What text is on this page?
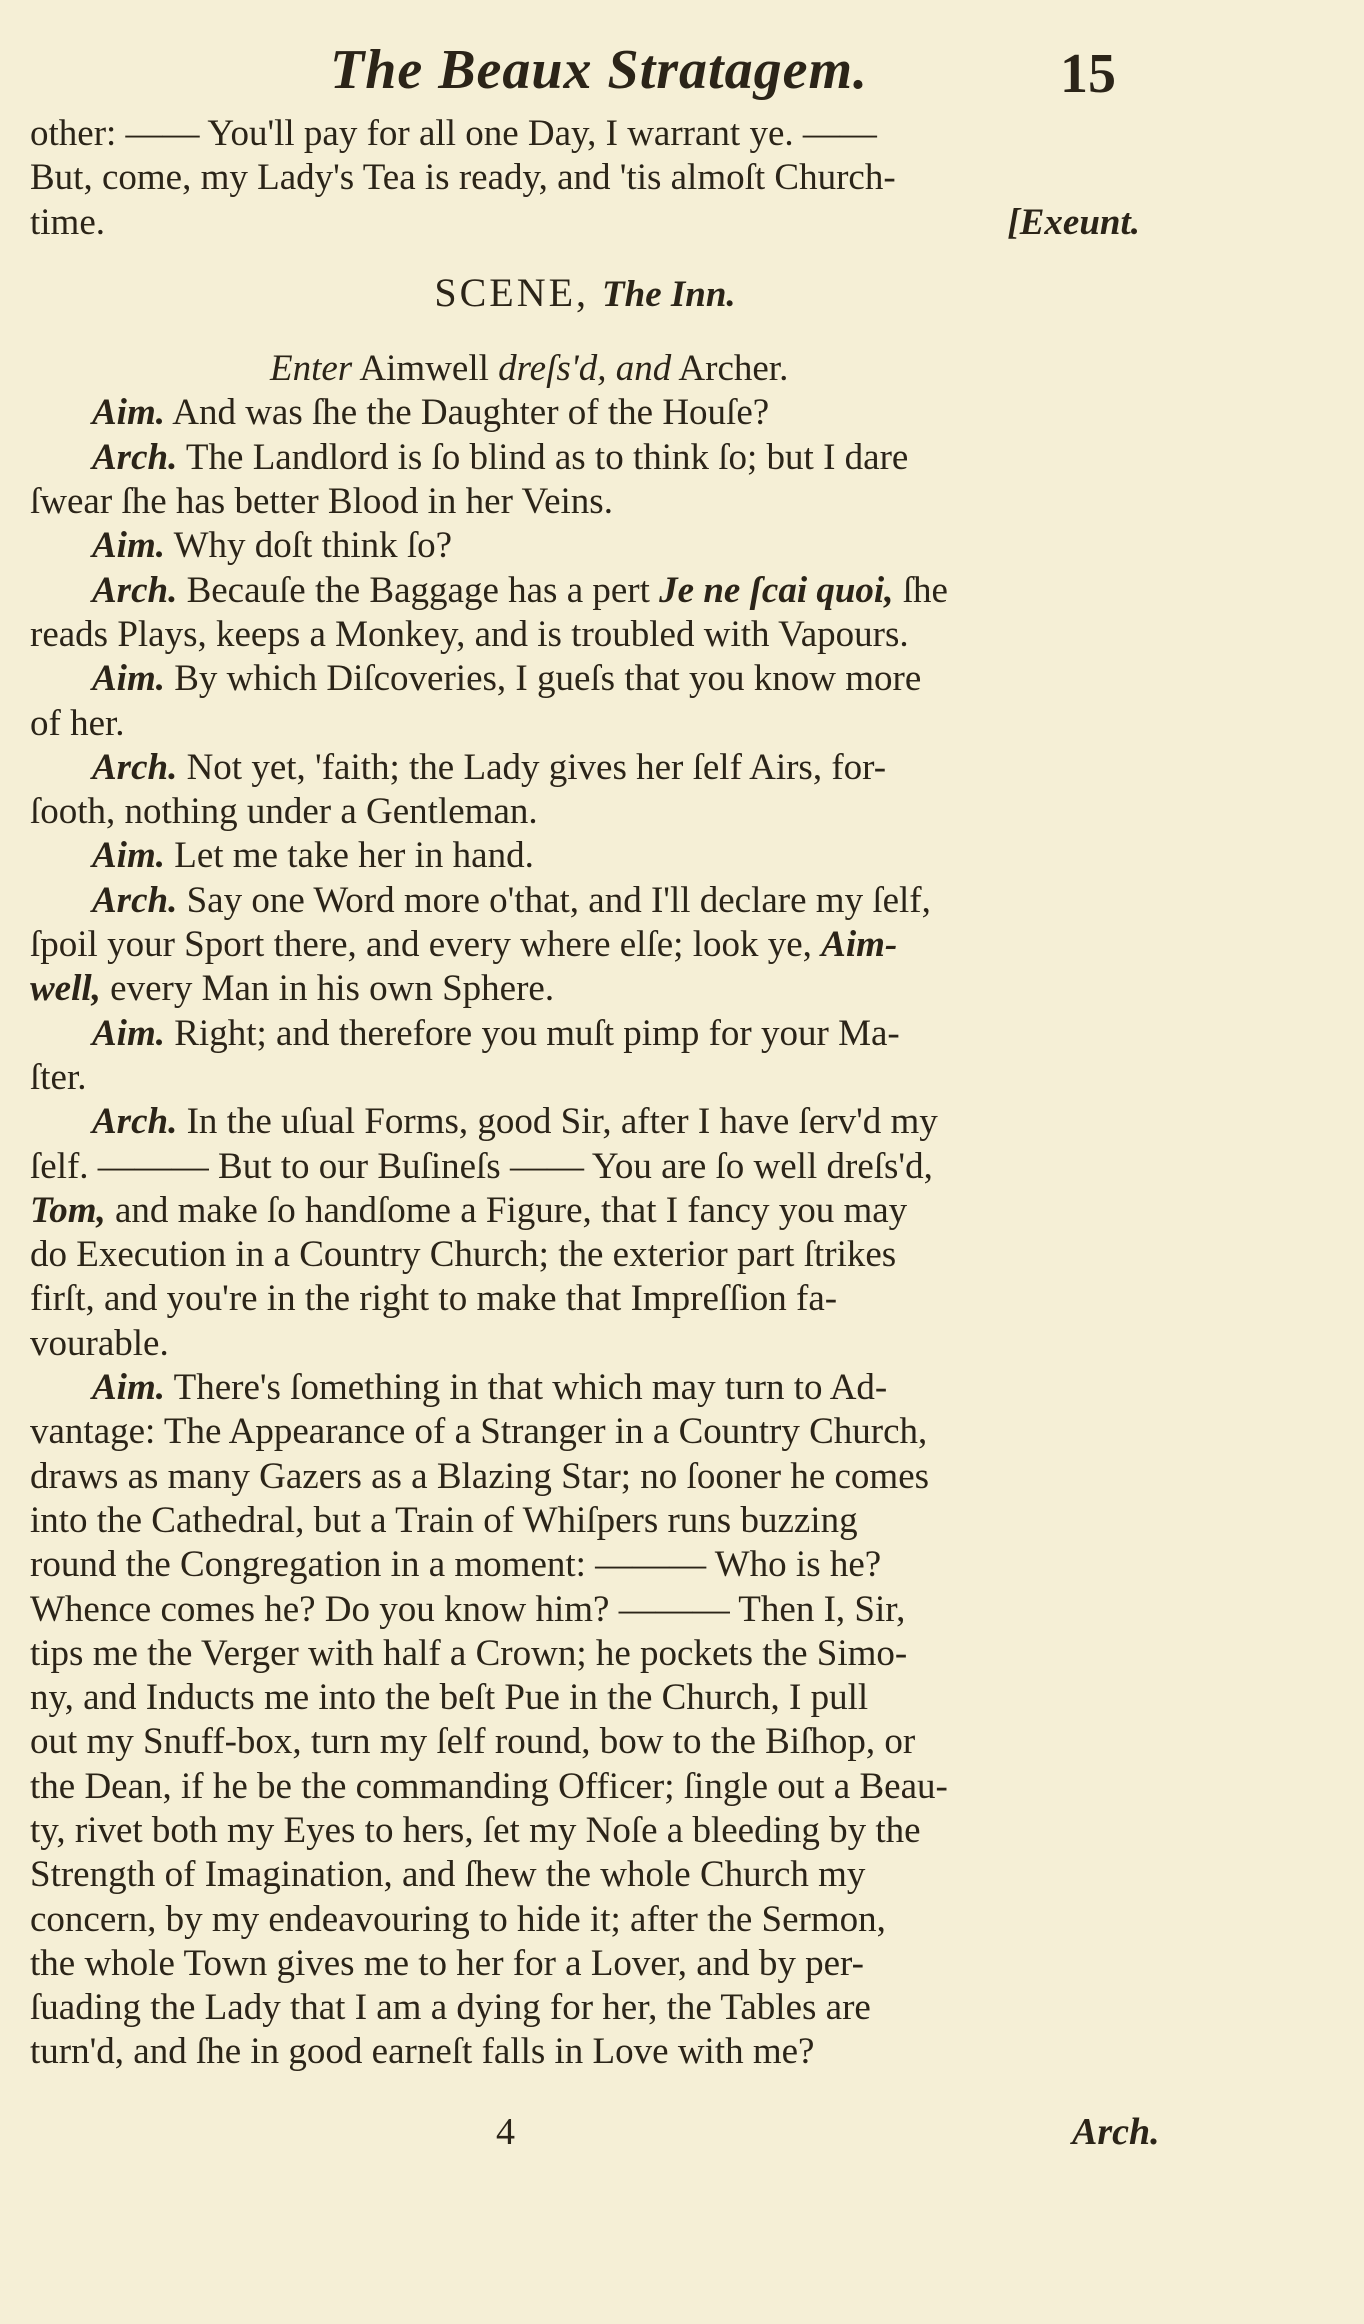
The Beaux Stratagem.	15
other: —— You'll pay for all one Day, I warrant ye. ——
But, come, my Lady's Tea is ready, and 'tis almoſt Church-
time.	[Exeunt.
SCENE, The Inn.
Enter Aimwell dreſs'd, and Archer.
Aim. And was ſhe the Daughter of the Houſe?
Arch. The Landlord is ſo blind as to think ſo; but I dare
ſwear ſhe has better Blood in her Veins.
Aim. Why doſt think ſo?
Arch. Becauſe the Baggage has a pert Je ne ſcai quoi, ſhe
reads Plays, keeps a Monkey, and is troubled with Vapours.
Aim. By which Diſcoveries, I gueſs that you know more
of her.
Arch. Not yet, 'faith; the Lady gives her ſelf Airs, for-
ſooth, nothing under a Gentleman.
Aim. Let me take her in hand.
Arch. Say one Word more o'that, and I'll declare my ſelf,
ſpoil your Sport there, and every where elſe; look ye, Aim-
well, every Man in his own Sphere.
Aim. Right; and therefore you muſt pimp for your Ma-
ſter.
Arch. In the uſual Forms, good Sir, after I have ſerv'd my
ſelf. ——— But to our Buſineſs —— You are ſo well dreſs'd,
Tom, and make ſo handſome a Figure, that I fancy you may
do Execution in a Country Church; the exterior part ſtrikes
firſt, and you're in the right to make that Impreſſion fa-
vourable.
Aim. There's ſomething in that which may turn to Ad-
vantage: The Appearance of a Stranger in a Country Church,
draws as many Gazers as a Blazing Star; no ſooner he comes
into the Cathedral, but a Train of Whiſpers runs buzzing
round the Congregation in a moment: ——— Who is he?
Whence comes he? Do you know him? ——— Then I, Sir,
tips me the Verger with half a Crown; he pockets the Simo-
ny, and Inducts me into the beſt Pue in the Church, I pull
out my Snuff-box, turn my ſelf round, bow to the Biſhop, or
the Dean, if he be the commanding Officer; ſingle out a Beau-
ty, rivet both my Eyes to hers, ſet my Noſe a bleeding by the
Strength of Imagination, and ſhew the whole Church my
concern, by my endeavouring to hide it; after the Sermon,
the whole Town gives me to her for a Lover, and by per-
ſuading the Lady that I am a dying for her, the Tables are
turn'd, and ſhe in good earneſt falls in Love with me?
4	Arch.
